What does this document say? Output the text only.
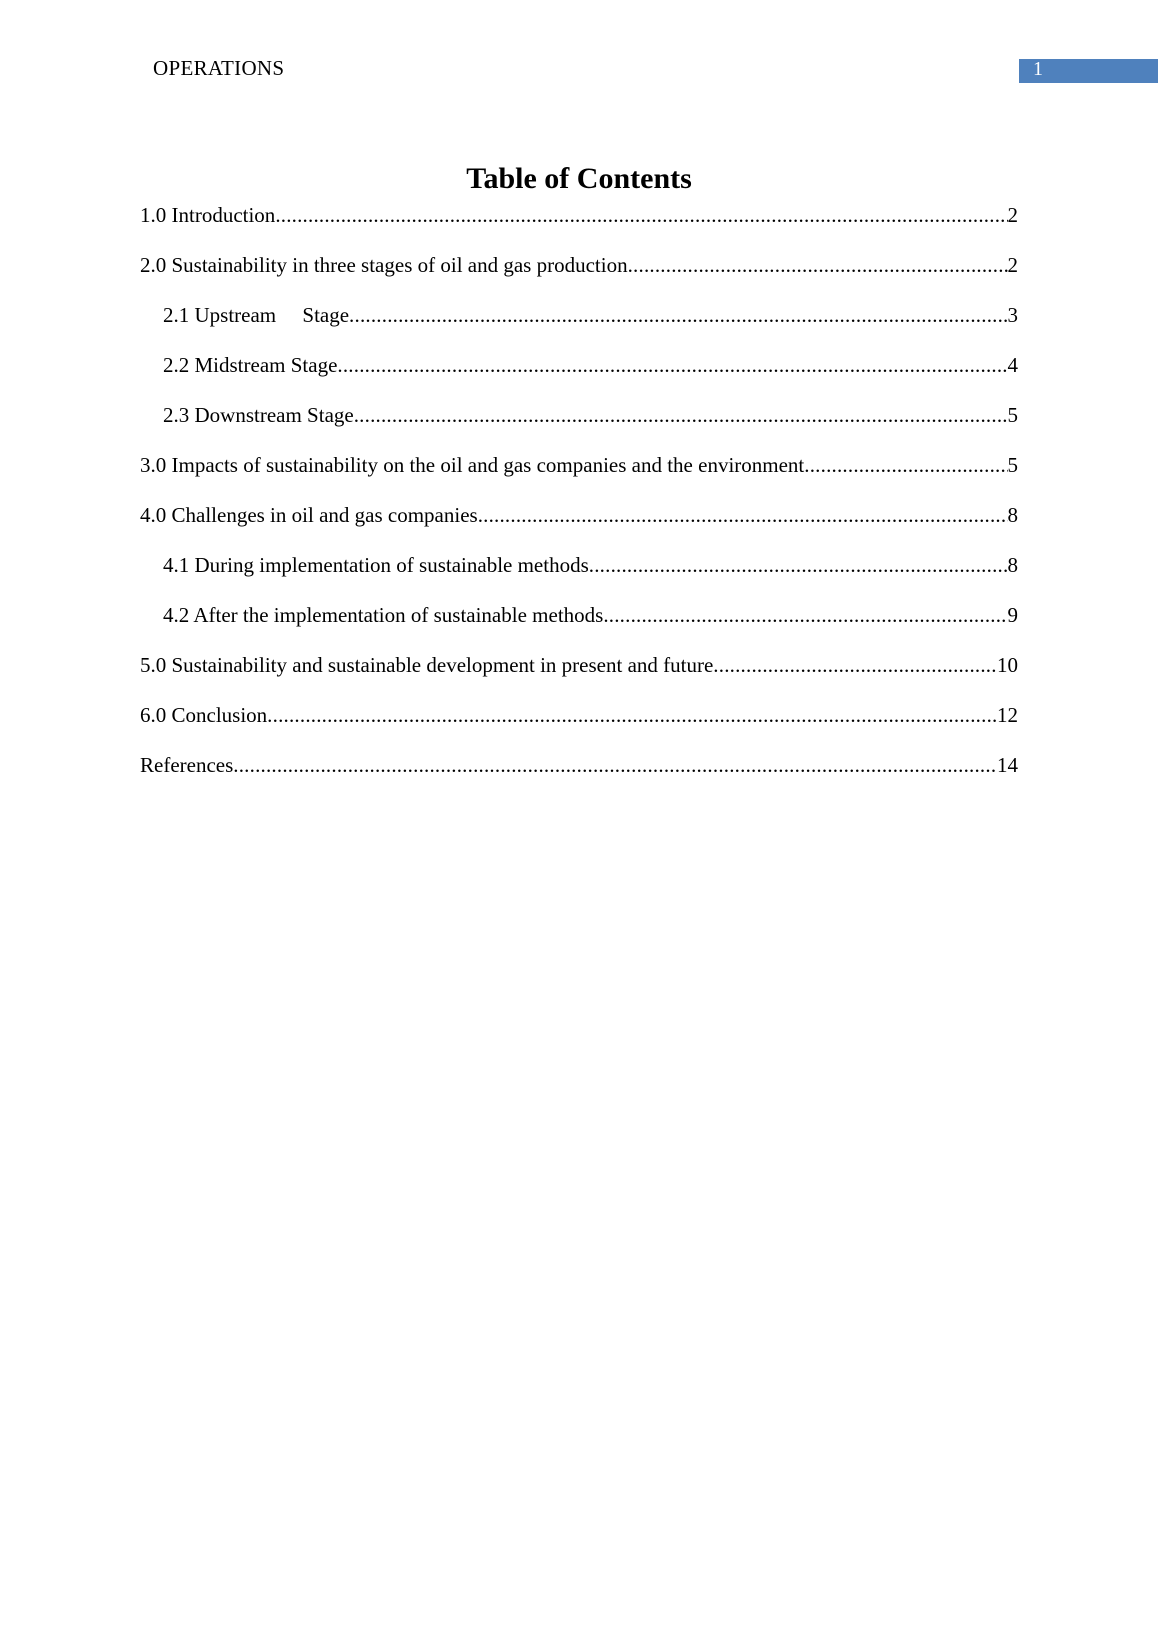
OPERATIONS	1
Table of Contents
1.0 Introduction .....	2
2.0 Sustainability in three stages of oil and gas production .....	2
2.1 Upstream     Stage .....	3
2.2 Midstream Stage .....	4
2.3 Downstream Stage .....	5
3.0 Impacts of sustainability on the oil and gas companies and the environment .....	5
4.0 Challenges in oil and gas companies .....	8
4.1 During implementation of sustainable methods .....	8
4.2 After the implementation of sustainable methods .....	9
5.0 Sustainability and sustainable development in present and future .....	10
6.0 Conclusion .....	12
References .....	14
